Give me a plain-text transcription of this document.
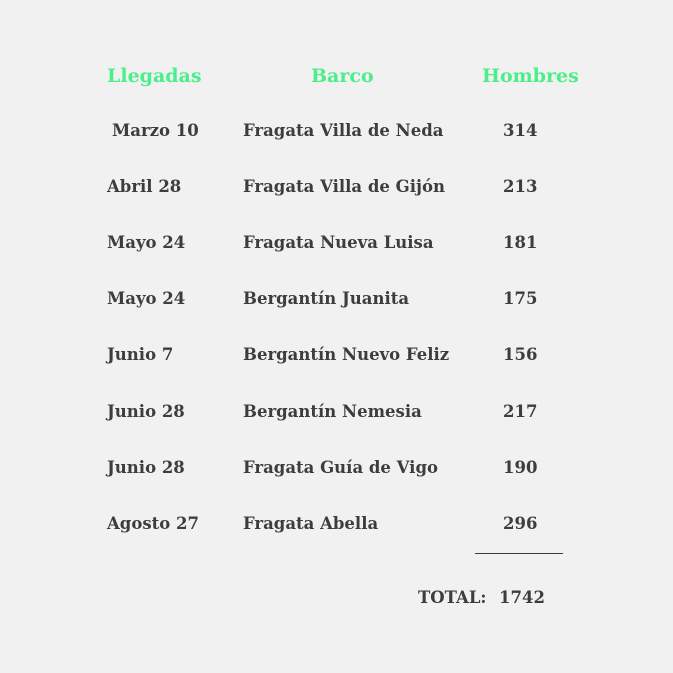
Llegadas	Barco	Hombres
Marzo 10	Fragata Villa de Neda	314
Abril 28	Fragata Villa de Gijón	213
Mayo 24	Fragata Nueva Luisa	181
Mayo 24	Bergantín Juanita	175
Junio 7	Bergantín Nuevo Feliz	156
Junio 28	Bergantín Nemesia	217
Junio 28	Fragata Guía de Vigo	190
Agosto 27	Fragata Abella	296
TOTAL: 1742
